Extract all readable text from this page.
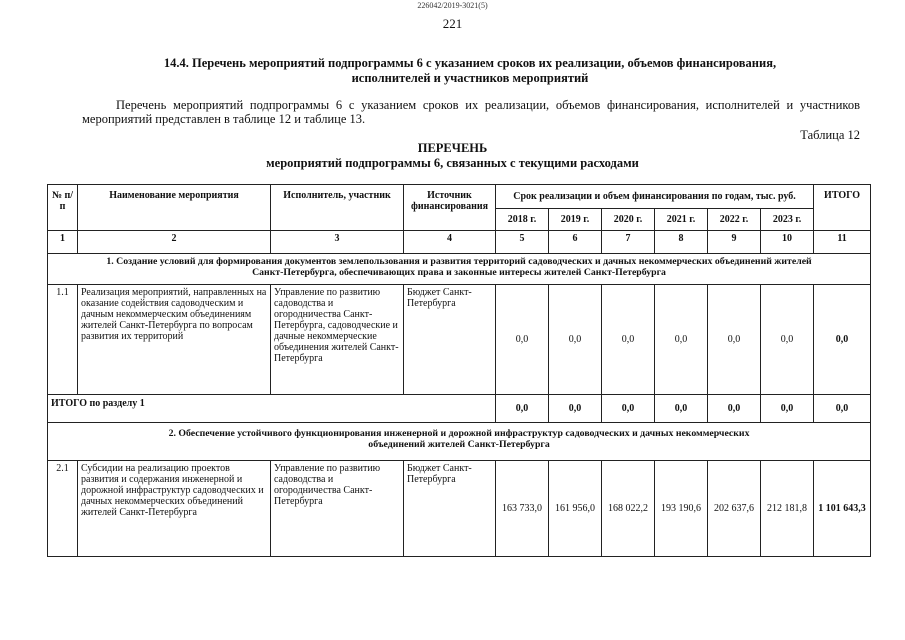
226042/2019-3021(5)
221
14.4. Перечень мероприятий подпрограммы 6 с указанием сроков их реализации, объемов финансирования,
исполнителей и участников мероприятий
Перечень мероприятий подпрограммы 6 с указанием сроков их реализации, объемов финансирования, исполнителей и участников мероприятий представлен в таблице 12 и таблице 13.
Таблица 12
ПЕРЕЧЕНЬ
мероприятий подпрограммы 6, связанных с текущими расходами
№ п/п	Наименование мероприятия	Исполнитель, участник	Источник финансирования	Срок реализации и объем финансирования по годам, тыс. руб.						ИТОГО
				2018 г.	2019 г.	2020 г.	2021 г.	2022 г.	2023 г.	
1	2	3	4	5	6	7	8	9	10	11

1. Создание условий для формирования документов землепользования и развития территорий садоводческих и дачных некоммерческих объединений жителей
Санкт-Петербурга, обеспечивающих права и законные интересы жителей Санкт-Петербурга										

1.1	Реализация мероприятий, направленных на оказание содействия садоводческим и дачным некоммерческим объединениям жителей Санкт-Петербурга по вопросам развития их территорий	Управление по развитию садоводства и огородничества Санкт-Петербурга, садоводческие и дачные некоммерческие объединения жителей Санкт-Петербурга	Бюджет Санкт-Петербурга	0,0	0,0	0,0	0,0	0,0	0,0	0,0
ИТОГО по разделу 1				0,0	0,0	0,0	0,0	0,0	0,0	0,0

2. Обеспечение устойчивого функционирования инженерной и дорожной инфраструктур садоводческих и дачных некоммерческих
объединений жителей Санкт-Петербурга										

2.1	Субсидии на реализацию проектов развития и содержания инженерной и дорожной инфраструктур садоводческих и дачных некоммерческих объединений жителей Санкт-Петербурга	Управление по развитию садоводства и огородничества Санкт-Петербурга	Бюджет Санкт-Петербурга	163 733,0	161 956,0	168 022,2	193 190,6	202 637,6	212 181,8	1 101 643,3
